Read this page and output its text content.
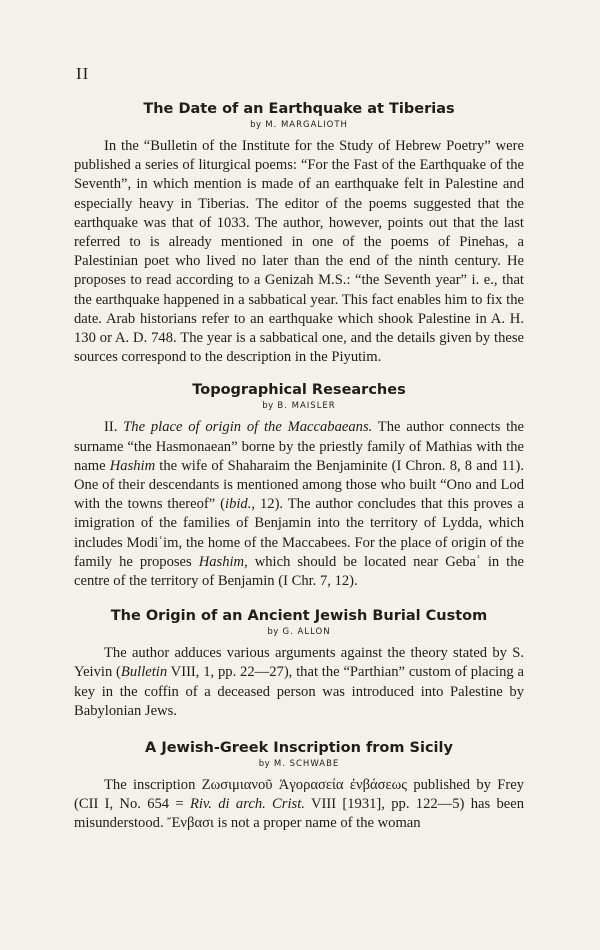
II
The Date of an Earthquake at Tiberias
by M. MARGALIOTH

In the “Bulletin of the Institute for the Study of Hebrew Poetry” were published a series of liturgical poems: “For the Fast of the Earthquake of the Seventh”, in which mention is made of an earthquake felt in Palestine and especially heavy in Tiberias. The editor of the poems suggested that the earthquake was that of 1033. The author, however, points out that the last referred to is already mentioned in one of the poems of Pinehas, a Palestinian poet who lived no later than the end of the ninth century. He proposes to read according to a Genizah M.S.: “the Seventh year” i. e., that the earthquake happened in a sabbatical year. This fact enables him to fix the date. Arab historians refer to an earthquake which shook Palestine in A. H. 130 or A. D. 748. The year is a sabbatical one, and the details given by these sources correspond to the description in the Piyutim.

Topographical Researches
by B. MAISLER

II. The place of origin of the Maccabaeans. The author connects the surname “the Hasmonaean” borne by the priestly family of Mathias with the name Hashim the wife of Shaharaim the Benjaminite (I Chron. 8, 8 and 11). One of their descendants is mentioned among those who built “Ono and Lod with the towns thereof” (ibid., 12). The author concludes that this proves a imigration of the families of Benjamin into the territory of Lydda, which includes Modiʿim, the home of the Maccabees. For the place of origin of the family he proposes Hashim, which should be located near Gebaʿ in the centre of the territory of Benjamin (I Chr. 7, 12).

The Origin of an Ancient Jewish Burial Custom
by G. ALLON

The author adduces various arguments against the theory stated by S. Yeivin (Bulletin VIII, 1, pp. 22—27), that the “Parthian” custom of placing a key in the coffin of a deceased person was introduced into Palestine by Babylonian Jews.

A Jewish-Greek Inscription from Sicily
by M. SCHWABE

The inscription Ζωσιμιανοῦ Ἀγορασεία ἐνβάσεως published by Frey (CII I, No. 654 = Riv. di arch. Crist. VIII [1931], pp. 122—5) has been misunderstood. Ἔνβασι is not a proper name of the woman
